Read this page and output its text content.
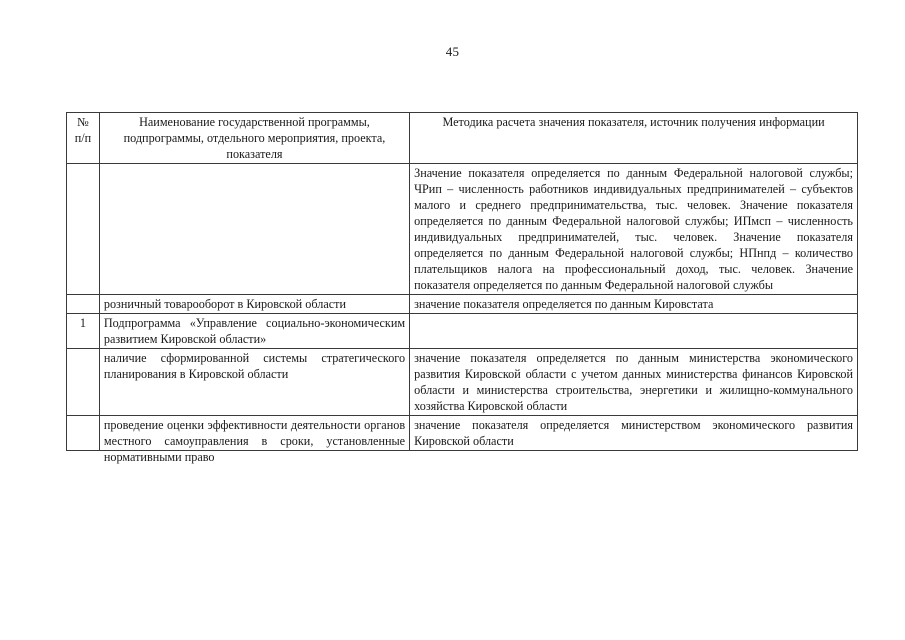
45
№ п/п	Наименование государственной программы, подпрограммы, отдельного мероприятия, проекта, показателя	Методика расчета значения показателя, источник получения информации
		Значение показателя определяется по данным Федеральной налоговой службы; ЧРип – численность работников индивидуальных предпринимателей – субъектов малого и среднего предпринимательства, тыс. человек. Значение показателя определяется по данным Федеральной налоговой службы; ИПмсп – численность индивидуальных предпринимателей, тыс. человек. Значение показателя определяется по данным Федеральной налоговой службы; НПнпд – количество плательщиков налога на профессиональный доход, тыс. человек. Значение показателя определяется по данным Федеральной налоговой службы
	розничный товарооборот в Кировской области	значение показателя определяется по данным Кировстата
1	Подпрограмма «Управление социально-экономическим развитием Кировской области»	
	наличие сформированной системы стратегического планирования в Кировской области	значение показателя определяется по данным министерства экономического развития Кировской области с учетом данных министерства финансов Кировской области и министерства строительства, энергетики и жилищно-коммунального хозяйства Кировской области

	проведение оценки эффективности деятельности органов местного самоуправления в сроки, установленные нормативными право	значение показателя определяется министерством экономического развития Кировской области
